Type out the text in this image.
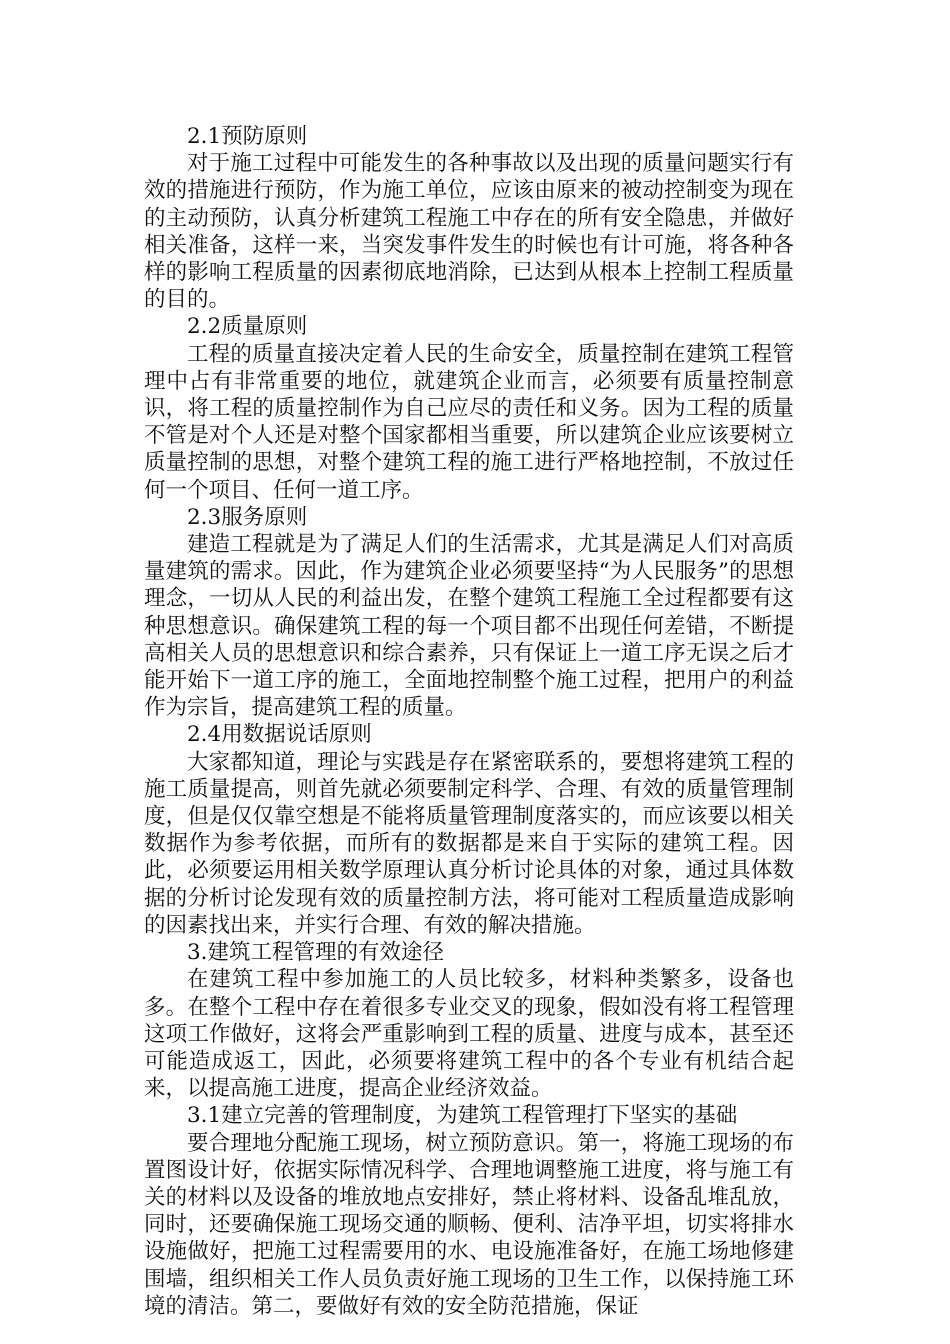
2.1预防原则

对于施工过程中可能发生的各种事故以及出现的质量问题实行有效的措施进行预防，作为施工单位，应该由原来的被动控制变为现在的主动预防，认真分析建筑工程施工中存在的所有安全隐患，并做好相关准备，这样一来，当突发事件发生的时候也有计可施，将各种各样的影响工程质量的因素彻底地消除，已达到从根本上控制工程质量的目的。

2.2质量原则

工程的质量直接决定着人民的生命安全，质量控制在建筑工程管理中占有非常重要的地位，就建筑企业而言，必须要有质量控制意识，将工程的质量控制作为自己应尽的责任和义务。因为工程的质量不管是对个人还是对整个国家都相当重要，所以建筑企业应该要树立质量控制的思想，对整个建筑工程的施工进行严格地控制，不放过任何一个项目、任何一道工序。

2.3服务原则

建造工程就是为了满足人们的生活需求，尤其是满足人们对高质量建筑的需求。因此，作为建筑企业必须要坚持“为人民服务”的思想理念，一切从人民的利益出发，在整个建筑工程施工全过程都要有这种思想意识。确保建筑工程的每一个项目都不出现任何差错，不断提高相关人员的思想意识和综合素养，只有保证上一道工序无误之后才能开始下一道工序的施工，全面地控制整个施工过程，把用户的利益作为宗旨，提高建筑工程的质量。

2.4用数据说话原则

大家都知道，理论与实践是存在紧密联系的，要想将建筑工程的施工质量提高，则首先就必须要制定科学、合理、有效的质量管理制度，但是仅仅靠空想是不能将质量管理制度落实的，而应该要以相关数据作为参考依据，而所有的数据都是来自于实际的建筑工程。因此，必须要运用相关数学原理认真分析讨论具体的对象，通过具体数据的分析讨论发现有效的质量控制方法，将可能对工程质量造成影响的因素找出来，并实行合理、有效的解决措施。

3.建筑工程管理的有效途径

在建筑工程中参加施工的人员比较多，材料种类繁多，设备也多。在整个工程中存在着很多专业交叉的现象，假如没有将工程管理这项工作做好，这将会严重影响到工程的质量、进度与成本，甚至还可能造成返工，因此，必须要将建筑工程中的各个专业有机结合起来，以提高施工进度，提高企业经济效益。

3.1建立完善的管理制度，为建筑工程管理打下坚实的基础

要合理地分配施工现场，树立预防意识。第一，将施工现场的布置图设计好，依据实际情况科学、合理地调整施工进度，将与施工有关的材料以及设备的堆放地点安排好，禁止将材料、设备乱堆乱放，同时，还要确保施工现场交通的顺畅、便利、洁净平坦，切实将排水设施做好，把施工过程需要用的水、电设施准备好，在施工场地修建围墙，组织相关工作人员负责好施工现场的卫生工作，以保持施工环境的清洁。第二，要做好有效的安全防范措施，保证
